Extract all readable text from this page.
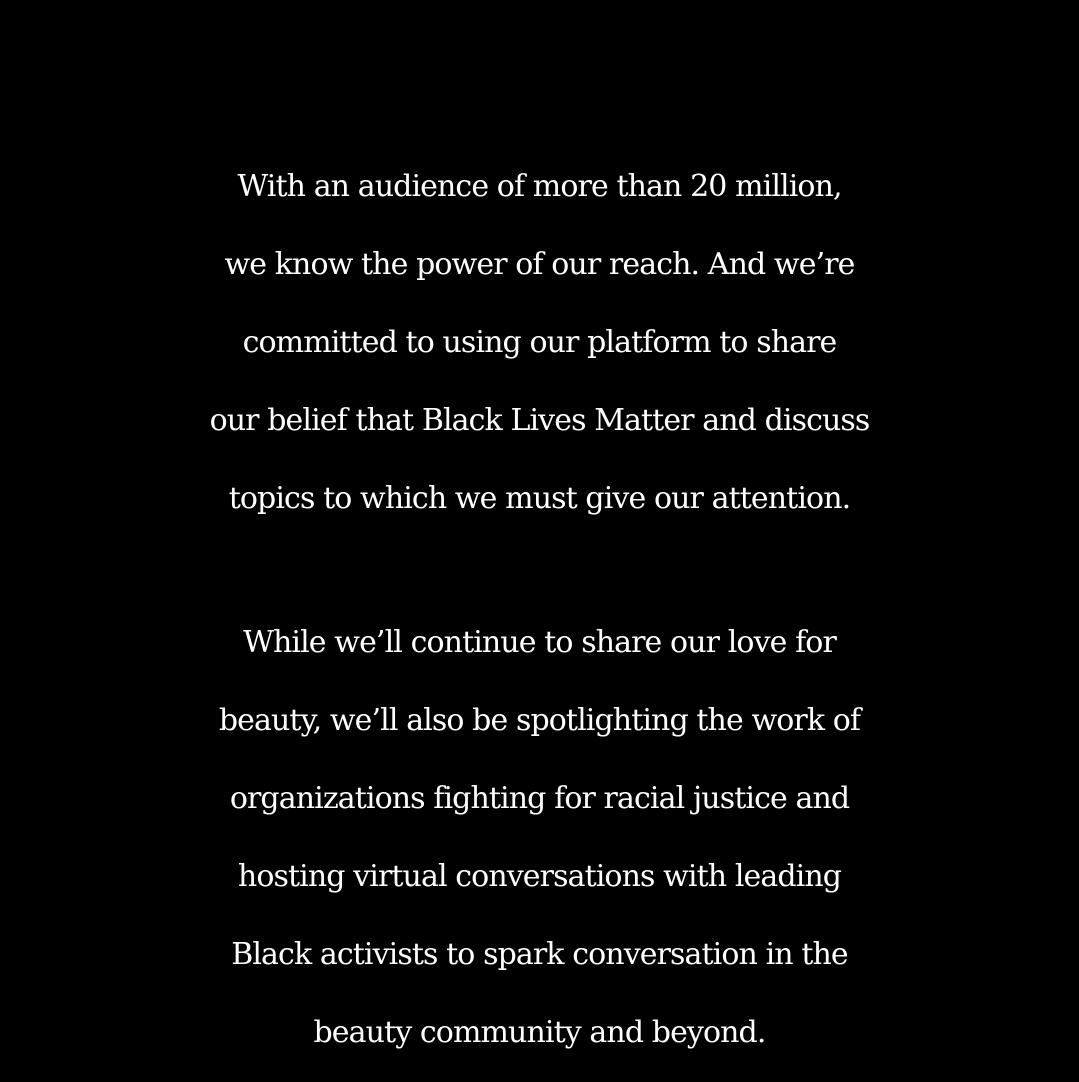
With an audience of more than 20 million,
we know the power of our reach. And we’re
committed to using our platform to share
our belief that Black Lives Matter and discuss
topics to which we must give our attention.
While we’ll continue to share our love for
beauty, we’ll also be spotlighting the work of
organizations fighting for racial justice and
hosting virtual conversations with leading
Black activists to spark conversation in the
beauty community and beyond.
